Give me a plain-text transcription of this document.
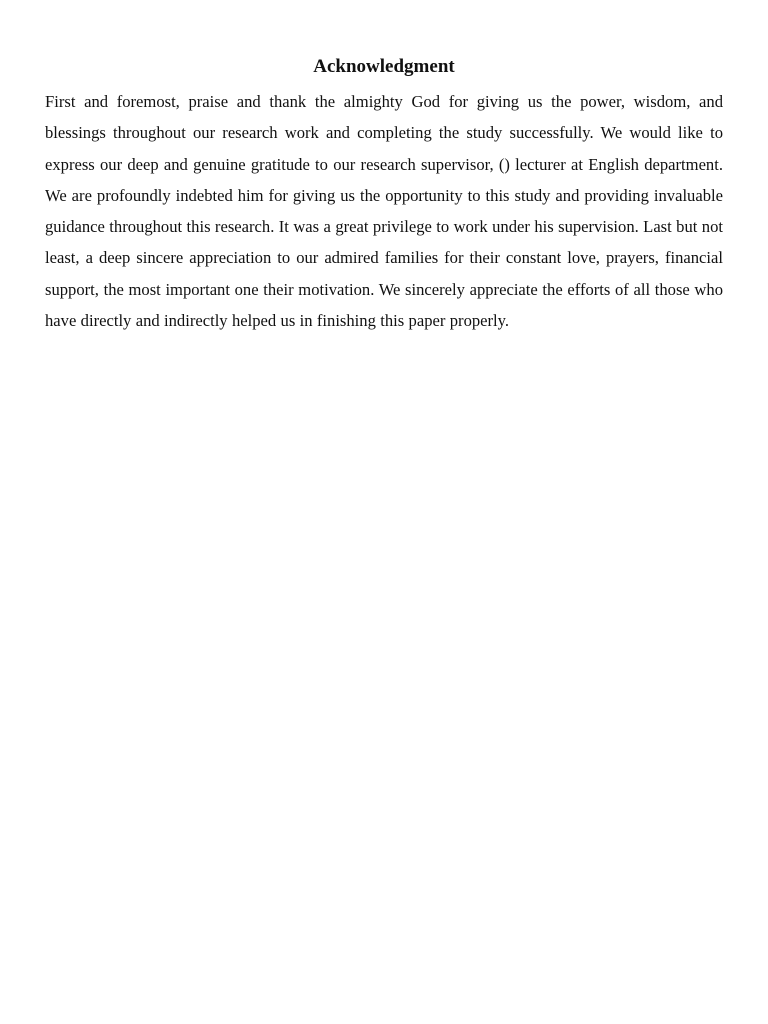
Acknowledgment

First and foremost, praise and thank the almighty God for giving us the power, wisdom, and blessings throughout our research work and completing the study successfully. We would like to express our deep and genuine gratitude to our research supervisor, () lecturer at English department. We are profoundly indebted him for giving us the opportunity to this study and providing invaluable guidance throughout this research. It was a great privilege to work under his supervision. Last but not least, a deep sincere appreciation to our admired families for their constant love, prayers, financial support, the most important one their motivation. We sincerely appreciate the efforts of all those who have directly and indirectly helped us in finishing this paper properly.
